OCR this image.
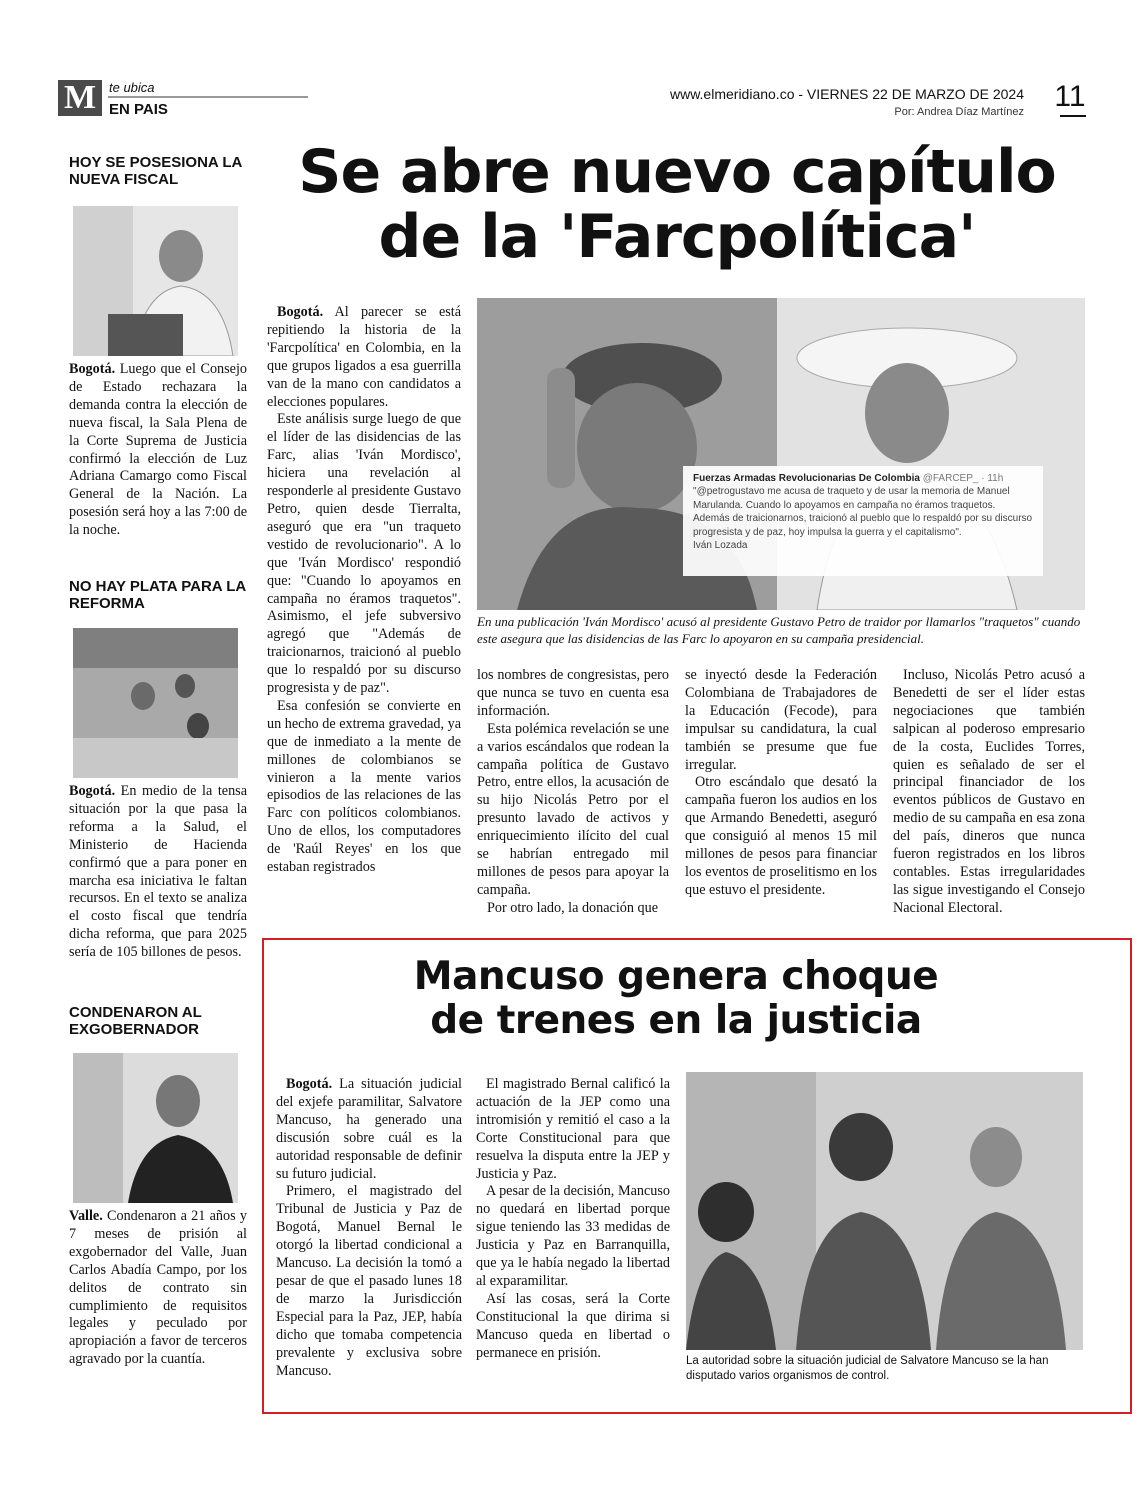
M te ubica
EN PAIS
www.elmeridiano.co - VIERNES 22 DE MARZO DE 2024
Por: Andrea Díaz Martínez 11
HOY SE POSESIONA LA NUEVA FISCAL
Bogotá. Luego que el Consejo de Estado rechazara la demanda contra la elección de nueva fiscal, la Sala Plena de la Corte Suprema de Justicia confirmó la elección de Luz Adriana Camargo como Fiscal General de la Nación. La posesión será hoy a las 7:00 de la noche.
NO HAY PLATA PARA LA REFORMA
Bogotá. En medio de la tensa situación por la que pasa la reforma a la Salud, el Ministerio de Hacienda confirmó que a para poner en marcha esa iniciativa le faltan recursos. En el texto se analiza el costo fiscal que tendría dicha reforma, que para 2025 sería de 105 billones de pesos.
CONDENARON AL EXGOBERNADOR
Valle. Condenaron a 21 años y 7 meses de prisión al exgobernador del Valle, Juan Carlos Abadía Campo, por los delitos de contrato sin cumplimiento de requisitos legales y peculado por apropiación a favor de terceros agravado por la cuantía.
Se abre nuevo capítulo
de la 'Farcpolítica'
Fuerzas Armadas Revolucionarias De Colombia @FARCEP_ · 11h
"@petrogustavo me acusa de traqueto y de usar la memoria de Manuel Marulanda. Cuando lo apoyamos en campaña no éramos traquetos. Además de traicionarnos, traicionó al pueblo que lo respaldó por su discurso progresista y de paz, hoy impulsa la guerra y el capitalismo".
Iván Lozada
En una publicación 'Iván Mordisco' acusó al presidente Gustavo Petro de traidor por llamarlos "traquetos" cuando este asegura que las disidencias de las Farc lo apoyaron en su campaña presidencial.

Bogotá. Al parecer se está repitiendo la historia de la 'Farcpolítica' en Colombia, en la que grupos ligados a esa guerrilla van de la mano con candidatos a elecciones populares.

Este análisis surge luego de que el líder de las disidencias de las Farc, alias 'Iván Mordisco', hiciera una revelación al responderle al presidente Gustavo Petro, quien desde Tierralta, aseguró que era "un traqueto vestido de revolucionario". A lo que 'Iván Mordisco' respondió que: "Cuando lo apoyamos en campaña no éramos traquetos". Asimismo, el jefe subversivo agregó que "Además de traicionarnos, traicionó al pueblo que lo respaldó por su discurso progresista y de paz".

Esa confesión se convierte en un hecho de extrema gravedad, ya que de inmediato a la mente de millones de colombianos se vinieron a la mente varios episodios de las relaciones de las Farc con políticos colombianos. Uno de ellos, los computadores de 'Raúl Reyes' en los que estaban registrados

los nombres de congresistas, pero que nunca se tuvo en cuenta esa información.

Esta polémica revelación se une a varios escándalos que rodean la campaña política de Gustavo Petro, entre ellos, la acusación de su hijo Nicolás Petro por el presunto lavado de activos y enriquecimiento ilícito del cual se habrían entregado mil millones de pesos para apoyar la campaña.

Por otro lado, la donación que

se inyectó desde la Federación Colombiana de Trabajadores de la Educación (Fecode), para impulsar su candidatura, la cual también se presume que fue irregular.

Otro escándalo que desató la campaña fueron los audios en los que Armando Benedetti, aseguró que consiguió al menos 15 mil millones de pesos para financiar los eventos de proselitismo en los que estuvo el presidente.

Incluso, Nicolás Petro acusó a Benedetti de ser el líder estas negociaciones que también salpican al poderoso empresario de la costa, Euclides Torres, quien es señalado de ser el principal financiador de los eventos públicos de Gustavo en medio de su campaña en esa zona del país, dineros que nunca fueron registrados en los libros contables. Estas irregularidades las sigue investigando el Consejo Nacional Electoral.

Mancuso genera choque
de trenes en la justicia

Bogotá. La situación judicial del exjefe paramilitar, Salvatore Mancuso, ha generado una discusión sobre cuál es la autoridad responsable de definir su futuro judicial.

Primero, el magistrado del Tribunal de Justicia y Paz de Bogotá, Manuel Bernal le otorgó la libertad condicional a Mancuso. La decisión la tomó a pesar de que el pasado lunes 18 de marzo la Jurisdicción Especial para la Paz, JEP, había dicho que tomaba competencia prevalente y exclusiva sobre Mancuso.

El magistrado Bernal calificó la actuación de la JEP como una intromisión y remitió el caso a la Corte Constitucional para que resuelva la disputa entre la JEP y Justicia y Paz.

A pesar de la decisión, Mancuso no quedará en libertad porque sigue teniendo las 33 medidas de Justicia y Paz en Barranquilla, que ya le había negado la libertad al exparamilitar.

Así las cosas, será la Corte Constitucional la que dirima si Mancuso queda en libertad o permanece en prisión.

La autoridad sobre la situación judicial de Salvatore Mancuso se la han disputado varios organismos de control.
